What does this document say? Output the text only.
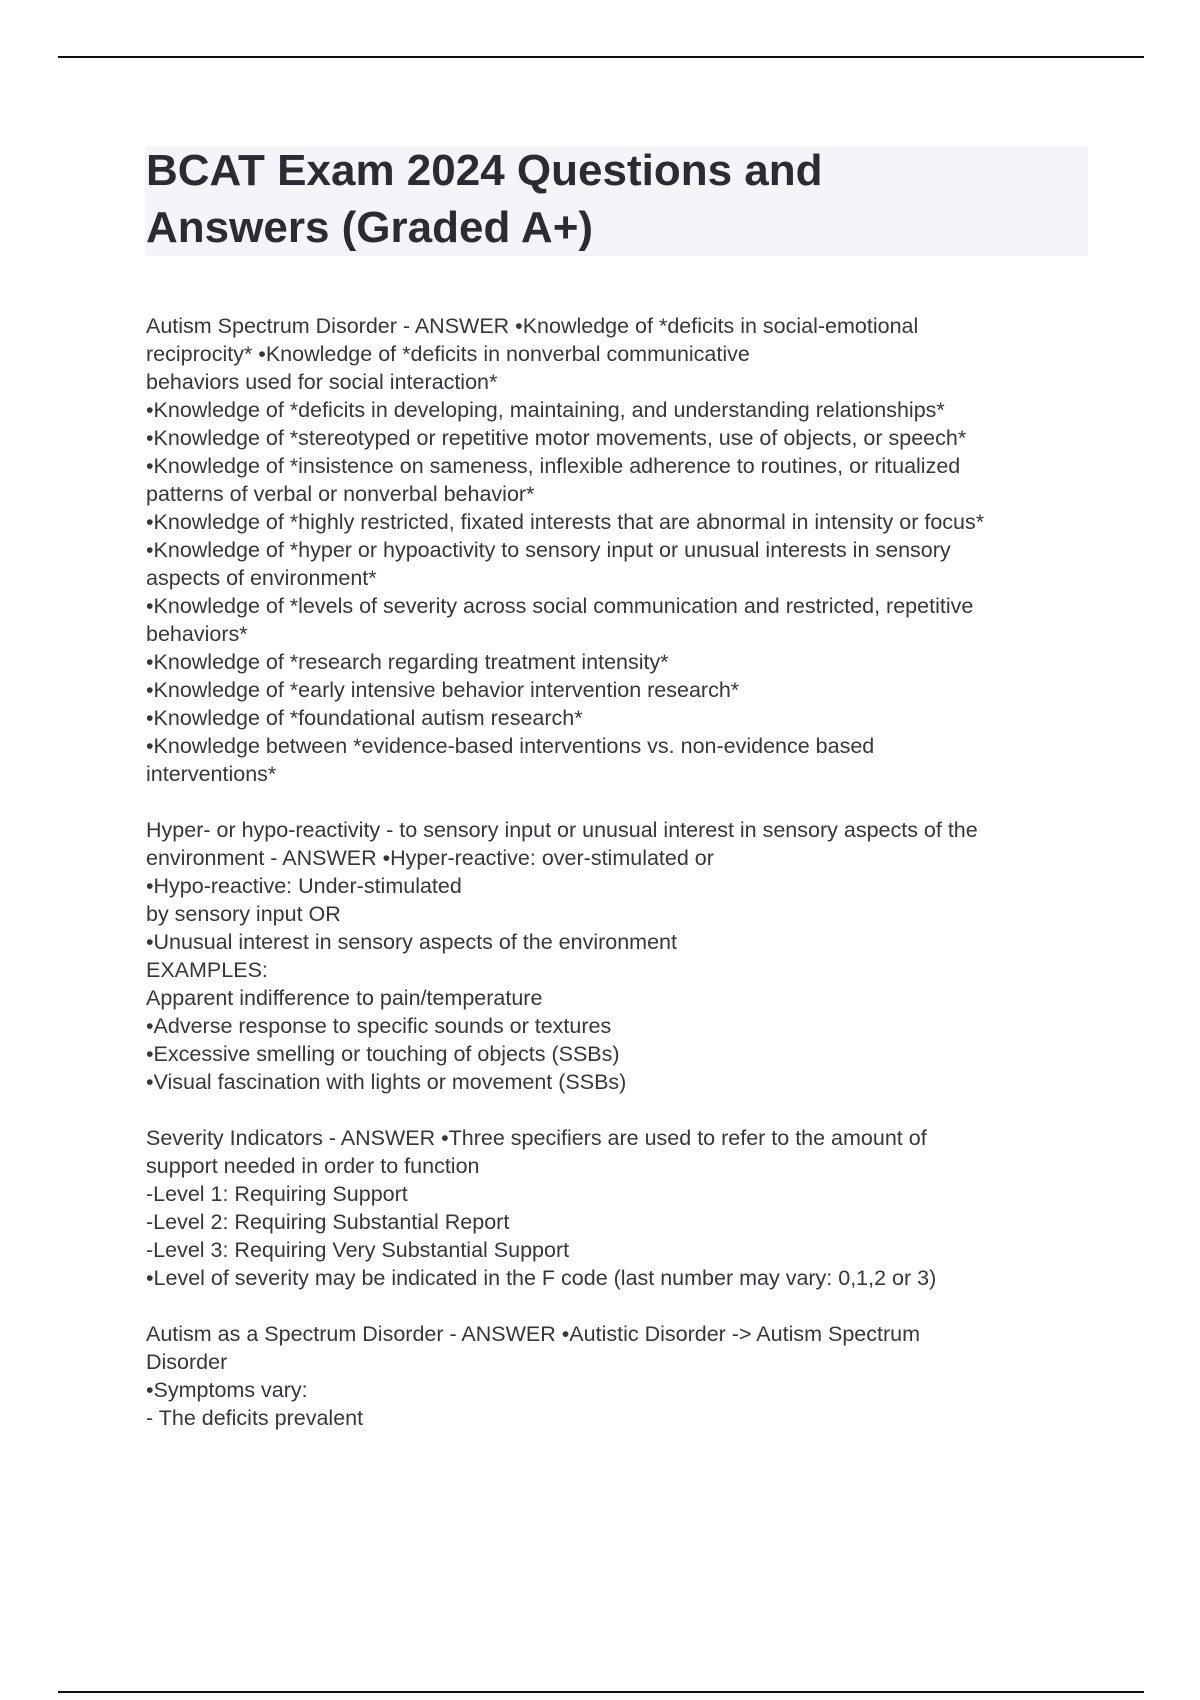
BCAT Exam 2024 Questions and
Answers (Graded A+)
Autism Spectrum Disorder - ANSWER •Knowledge of *deficits in social-emotional
reciprocity* •Knowledge of *deficits in nonverbal communicative
behaviors used for social interaction*
•Knowledge of *deficits in developing, maintaining, and understanding relationships*
•Knowledge of *stereotyped or repetitive motor movements, use of objects, or speech*
•Knowledge of *insistence on sameness, inflexible adherence to routines, or ritualized
patterns of verbal or nonverbal behavior*
•Knowledge of *highly restricted, fixated interests that are abnormal in intensity or focus*
•Knowledge of *hyper or hypoactivity to sensory input or unusual interests in sensory
aspects of environment*
•Knowledge of *levels of severity across social communication and restricted, repetitive
behaviors*
•Knowledge of *research regarding treatment intensity*
•Knowledge of *early intensive behavior intervention research*
•Knowledge of *foundational autism research*
•Knowledge between *evidence-based interventions vs. non-evidence based
interventions*
Hyper- or hypo-reactivity - to sensory input or unusual interest in sensory aspects of the
environment - ANSWER •Hyper-reactive: over-stimulated or
•Hypo-reactive: Under-stimulated
by sensory input OR
•Unusual interest in sensory aspects of the environment
EXAMPLES:
Apparent indifference to pain/temperature
•Adverse response to specific sounds or textures
•Excessive smelling or touching of objects (SSBs)
•Visual fascination with lights or movement (SSBs)
Severity Indicators - ANSWER •Three specifiers are used to refer to the amount of
support needed in order to function
-Level 1: Requiring Support
-Level 2: Requiring Substantial Report
-Level 3: Requiring Very Substantial Support
•Level of severity may be indicated in the F code (last number may vary: 0,1,2 or 3)
Autism as a Spectrum Disorder - ANSWER •Autistic Disorder -> Autism Spectrum
Disorder
•Symptoms vary:
- The deficits prevalent
